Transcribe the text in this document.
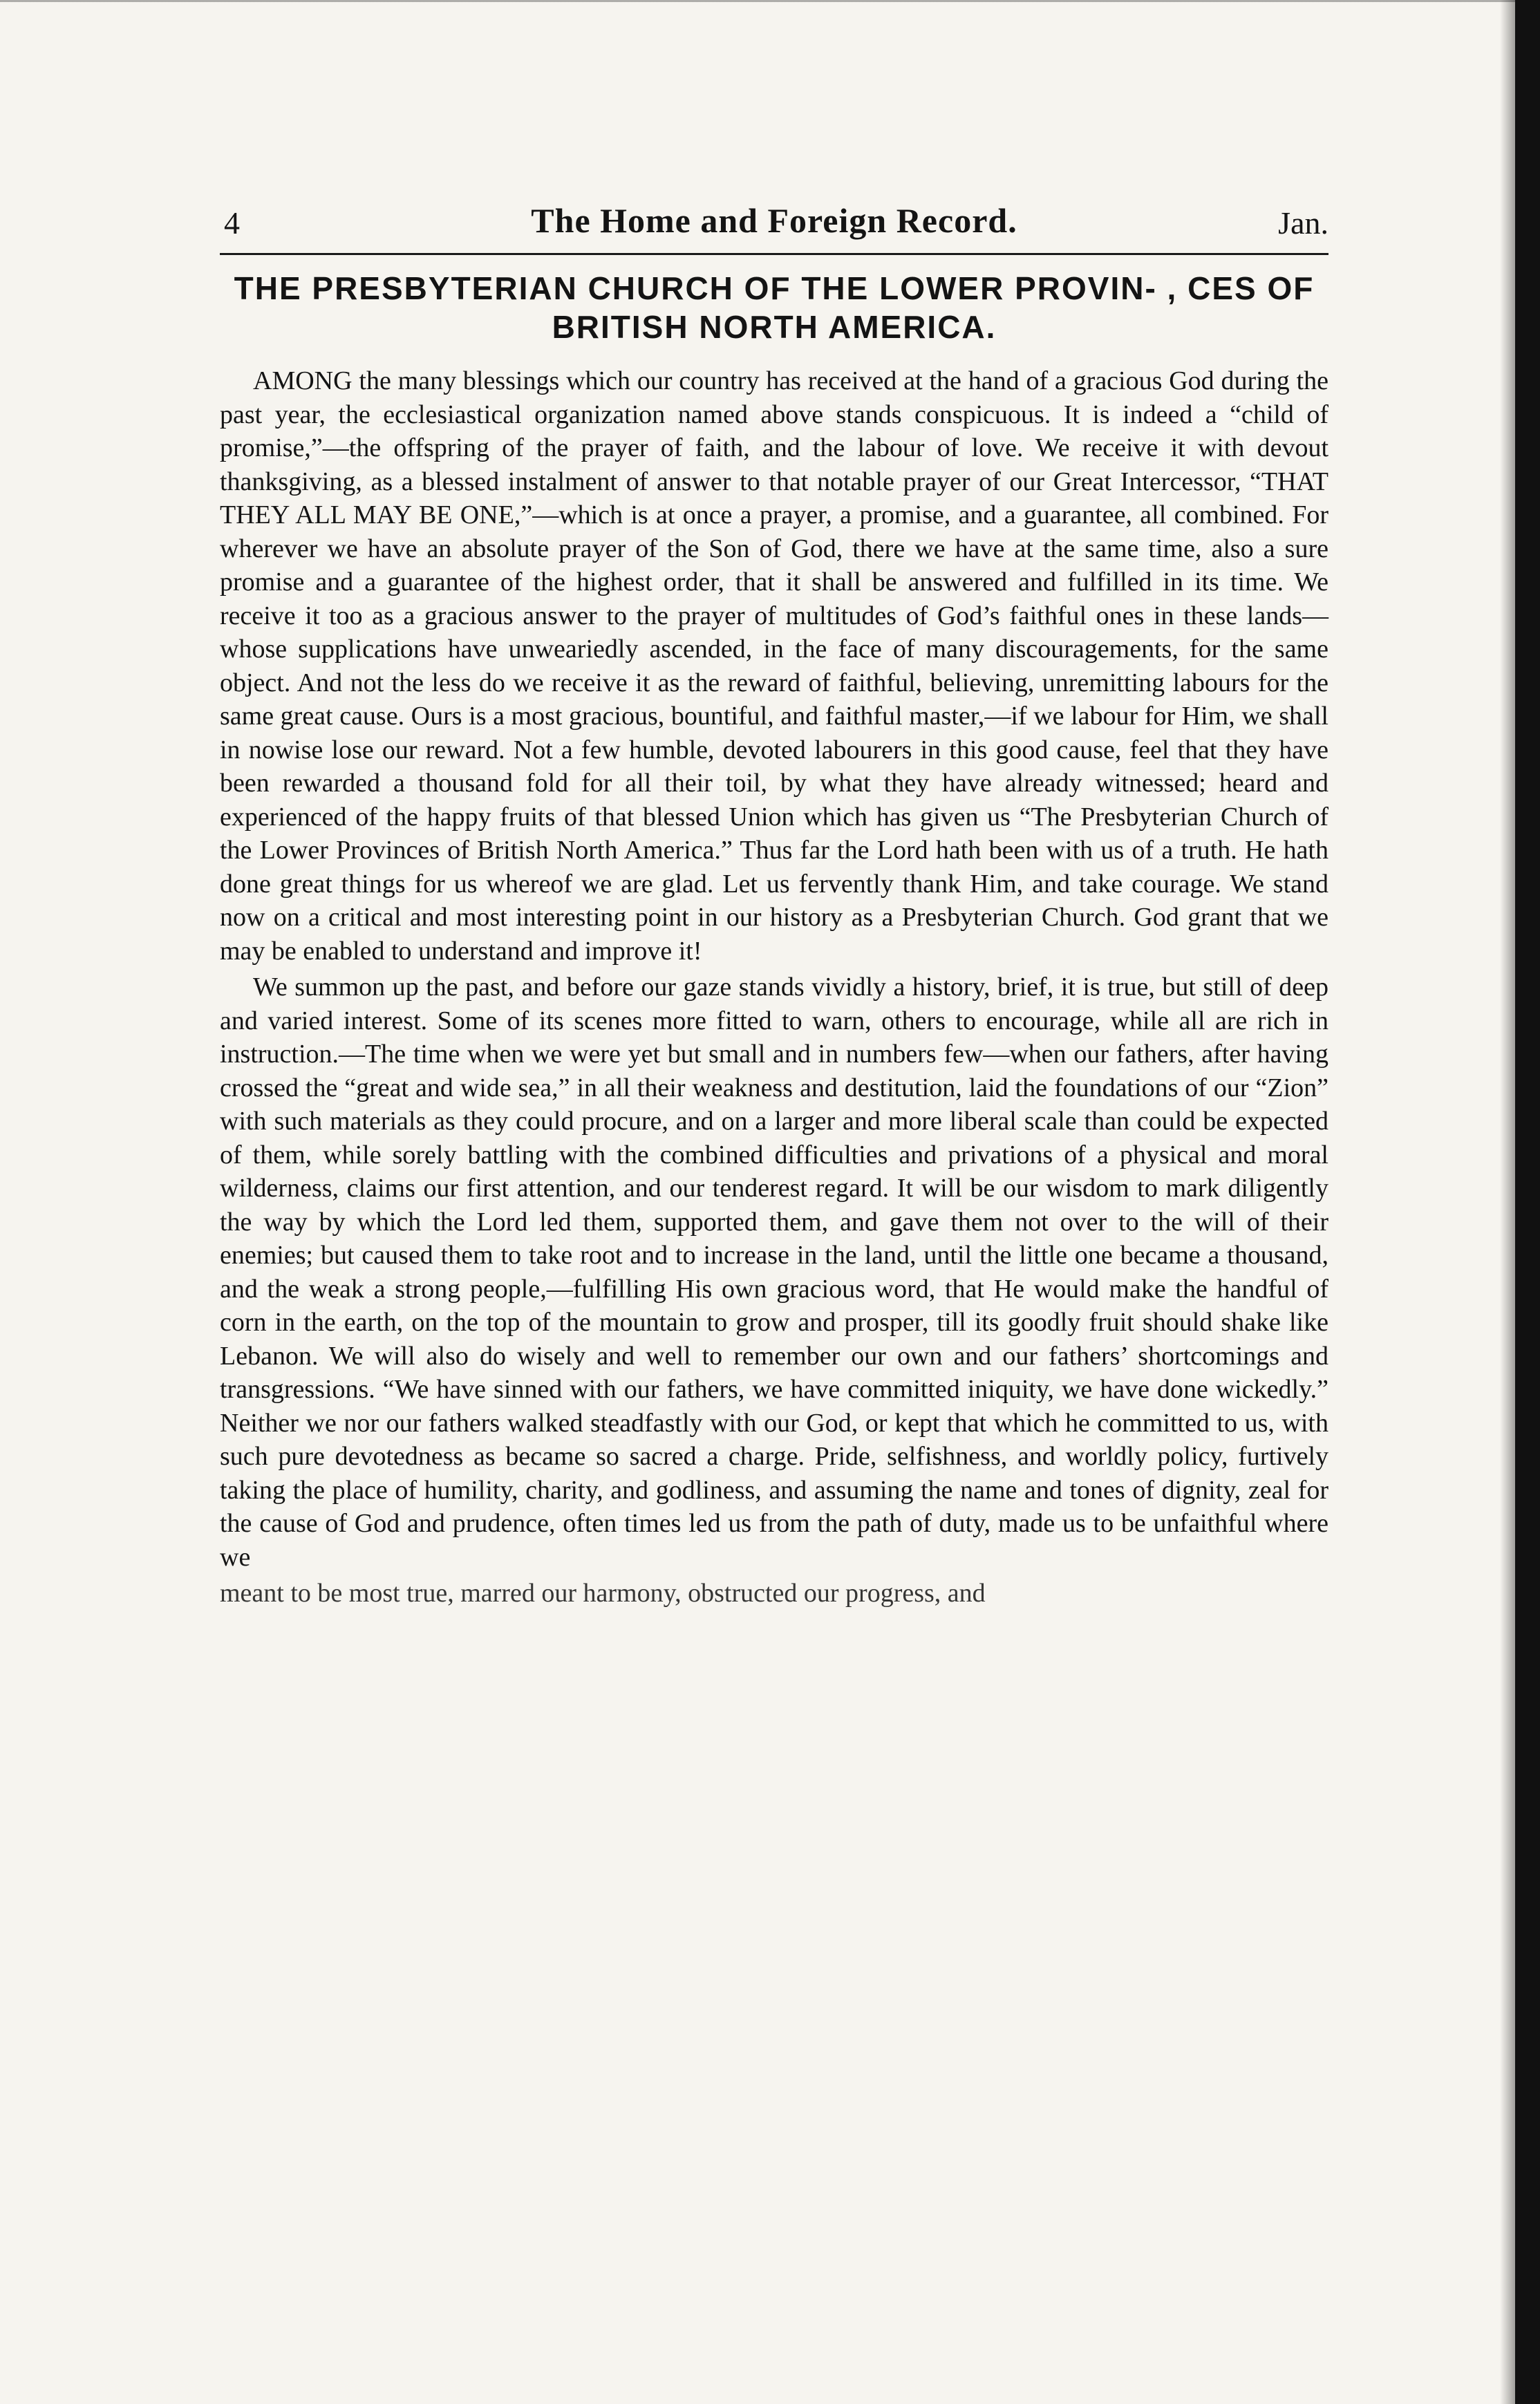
4	The Home and Foreign Record.	Jan.
THE PRESBYTERIAN CHURCH OF THE LOWER PROVIN- , CES OF BRITISH NORTH AMERICA.

AMONG the many blessings which our country has received at the hand of a gracious God during the past year, the ecclesiastical organization named above stands conspicuous. It is indeed a “child of promise,”—the offspring of the prayer of faith, and the labour of love. We receive it with devout thanksgiving, as a blessed instalment of answer to that notable prayer of our Great Intercessor, “THAT THEY ALL MAY BE ONE,”—which is at once a prayer, a promise, and a guarantee, all combined. For wherever we have an absolute prayer of the Son of God, there we have at the same time, also a sure promise and a guarantee of the highest order, that it shall be answered and fulfilled in its time. We receive it too as a gracious answer to the prayer of multitudes of God’s faithful ones in these lands—whose supplications have unweariedly ascended, in the face of many discouragements, for the same object. And not the less do we receive it as the reward of faithful, believing, unremitting labours for the same great cause. Ours is a most gracious, bountiful, and faithful master,—if we labour for Him, we shall in nowise lose our reward. Not a few humble, devoted labourers in this good cause, feel that they have been rewarded a thousand fold for all their toil, by what they have already witnessed; heard and experienced of the happy fruits of that blessed Union which has given us “The Presbyterian Church of the Lower Provinces of British North America.” Thus far the Lord hath been with us of a truth. He hath done great things for us whereof we are glad. Let us fervently thank Him, and take courage. We stand now on a critical and most interesting point in our history as a Presbyterian Church. God grant that we may be enabled to understand and improve it!

We summon up the past, and before our gaze stands vividly a history, brief, it is true, but still of deep and varied interest. Some of its scenes more fitted to warn, others to encourage, while all are rich in instruction.—The time when we were yet but small and in numbers few—when our fathers, after having crossed the “great and wide sea,” in all their weakness and destitution, laid the foundations of our “Zion” with such materials as they could procure, and on a larger and more liberal scale than could be expected of them, while sorely battling with the combined difficulties and privations of a physical and moral wilderness, claims our first attention, and our tenderest regard. It will be our wisdom to mark diligently the way by which the Lord led them, supported them, and gave them not over to the will of their enemies; but caused them to take root and to increase in the land, until the little one became a thousand, and the weak a strong people,—fulfilling His own gracious word, that He would make the handful of corn in the earth, on the top of the mountain to grow and prosper, till its goodly fruit should shake like Lebanon. We will also do wisely and well to remember our own and our fathers’ shortcomings and transgressions. “We have sinned with our fathers, we have committed iniquity, we have done wickedly.” Neither we nor our fathers walked steadfastly with our God, or kept that which he committed to us, with such pure devotedness as became so sacred a charge. Pride, selfishness, and worldly policy, furtively taking the place of humility, charity, and godliness, and assuming the name and tones of dignity, zeal for the cause of God and prudence, often times led us from the path of duty, made us to be unfaithful where we

meant to be most true, marred our harmony, obstructed our progress, and
